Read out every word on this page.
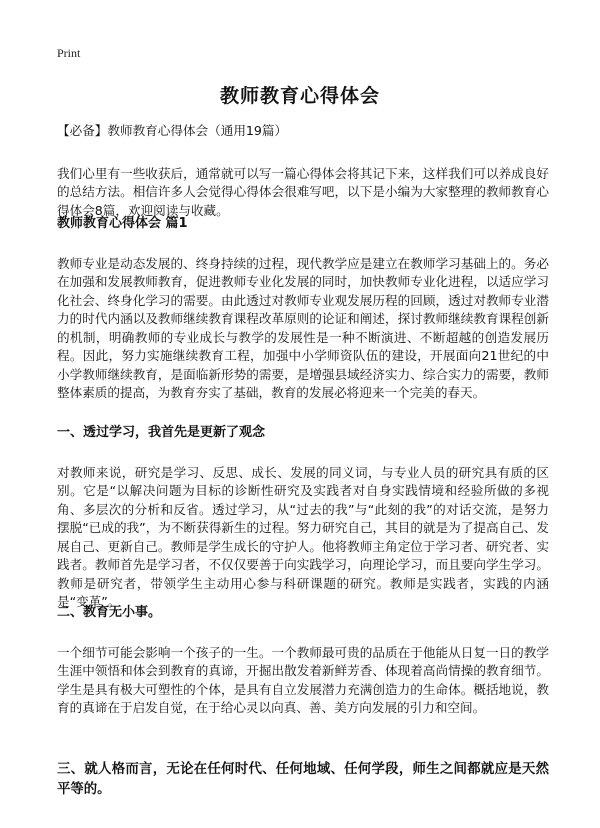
Print
教师教育心得体会
【必备】教师教育心得体会（通用19篇）

我们心里有一些收获后，通常就可以写一篇心得体会将其记下来，这样我们可以养成良好的总结方法。相信许多人会觉得心得体会很难写吧，以下是小编为大家整理的教师教育心得体会8篇，欢迎阅读与收藏。

教师教育心得体会 篇1

教师专业是动态发展的、终身持续的过程，现代教学应是建立在教师学习基础上的。务必在加强和发展教师教育，促进教师专业化发展的同时，加快教师专业化进程，以适应学习化社会、终身化学习的需要。由此透过对教师专业观发展历程的回顾，透过对教师专业潜力的时代内涵以及教师继续教育课程改革原则的论证和阐述，探讨教师继续教育课程创新的机制，明确教师的专业成长与教学的发展性是一种不断演进、不断超越的创造发展历程。因此，努力实施继续教育工程，加强中小学师资队伍的建设，开展面向21世纪的中小学教师继续教育，是面临新形势的需要，是增强县域经济实力、综合实力的需要，教师整体素质的提高，为教育夯实了基础，教育的发展必将迎来一个完美的春天。

一、透过学习，我首先是更新了观念

对教师来说，研究是学习、反思、成长、发展的同义词，与专业人员的研究具有质的区别。它是“以解决问题为目标的诊断性研究及实践者对自身实践情境和经验所做的多视角、多层次的分析和反省。透过学习，从“过去的我”与“此刻的我”的对话交流，是努力摆脱“已成的我”，为不断获得新生的过程。努力研究自己，其目的就是为了提高自己、发展自己、更新自己。教师是学生成长的守护人。他将教师主角定位于学习者、研究者、实践者。教师首先是学习者，不仅仅要善于向实践学习，向理论学习，而且要向学生学习。教师是研究者，带领学生主动用心参与科研课题的研究。教师是实践者，实践的内涵是“变革”。

二、教育无小事。

一个细节可能会影响一个孩子的一生。一个教师最可贵的品质在于他能从日复一日的教学生涯中领悟和体会到教育的真谛，开掘出散发着新鲜芳香、体现着高尚情操的教育细节。学生是具有极大可塑性的个体，是具有自立发展潜力充满创造力的生命体。概括地说，教育的真谛在于启发自觉，在于给心灵以向真、善、美方向发展的引力和空间。

三、就人格而言，无论在任何时代、任何地域、任何学段，师生之间都就应是天然平等的。
